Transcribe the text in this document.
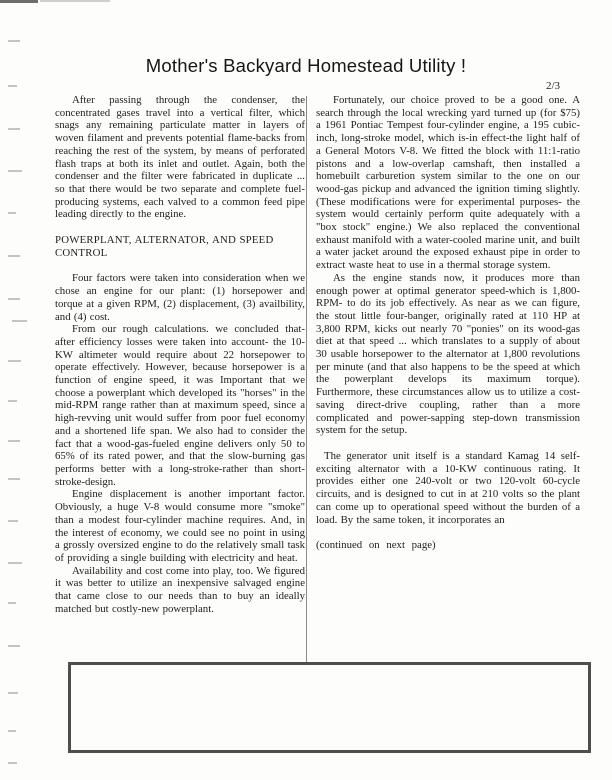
Mother's Backyard Homestead Utility !
2/3

After passing through the condenser, the concentrated gases travel into a vertical filter, which snags any remaining particulate matter in layers of woven filament and prevents potential flame-backs from reaching the rest of the system, by means of perforated flash traps at both its inlet and outlet. Again, both the condenser and the filter were fabricated in duplicate ... so that there would be two separate and complete fuel-producing systems, each valved to a common feed pipe leading directly to the engine.

POWERPLANT, ALTERNATOR, AND SPEED CONTROL

Four factors were taken into consideration when we chose an engine for our plant: (1) horsepower and torque at a given RPM, (2) displacement, (3) availbility, and (4) cost.

From our rough calculations. we concluded that- after efficiency losses were taken into account- the 10-KW altimeter would require about 22 horsepower to operate effectively. However, because horsepower is a function of engine speed, it was Important that we choose a powerplant which developed its "horses" in the mid-RPM range rather than at maximum speed, since a high-revving unit would suffer from poor fuel economy and a shortened life span. We also had to consider the fact that a wood-gas-fueled engine delivers only 50 to 65% of its rated power, and that the slow-burning gas performs better with a long-stroke-rather than short-stroke-design.

Engine displacement is another important factor. Obviously, a huge V-8 would consume more "smoke" than a modest four-cylinder machine requires. And, in the interest of economy, we could see no point in using a grossly oversized engine to do the relatively small task of providing a single building with electricity and heat.

Availability and cost come into play, too. We figured it was better to utilize an inexpensive salvaged engine that came close to our needs than to buy an ideally matched but costly-new powerplant.

Fortunately, our choice proved to be a good one. A search through the local wrecking yard turned up (for $75) a 1961 Pontiac Tempest four-cylinder engine, a 195 cubic-inch, long-stroke model, which is-in effect-the light half of a General Motors V-8. We fitted the block with 11:1-ratio pistons and a low-overlap camshaft, then installed a homebuilt carburetion system similar to the one on our wood-gas pickup and advanced the ignition timing slightly. (These modifications were for experimental purposes- the system would certainly perform quite adequately with a "box stock" engine.) We also replaced the conventional exhaust manifold with a water-cooled marine unit, and built a water jacket around the exposed exhaust pipe in order to extract waste heat to use in a thermal storage system.

As the engine stands now, it produces more than enough power at optimal generator speed-which is 1,800-RPM- to do its job effectively. As near as we can figure, the stout little four-banger, originally rated at 110 HP at 3,800 RPM, kicks out nearly 70 "ponies" on its wood-gas diet at that speed ... which translates to a supply of about 30 usable horsepower to the alternator at 1,800 revolutions per minute (and that also happens to be the speed at which the powerplant develops its maximum torque). Furthermore, these circumstances allow us to utilize a cost-saving direct-drive coupling, rather than a more complicated and power-sapping step-down transmission system for the setup.

The generator unit itself is a standard Kamag 14 self-exciting alternator with a 10-KW continuous rating. It provides either one 240-volt or two 120-volt 60-cycle circuits, and is designed to cut in at 210 volts so the plant can come up to operational speed without the burden of a load. By the same token, it incorporates an

(continued on next page)
